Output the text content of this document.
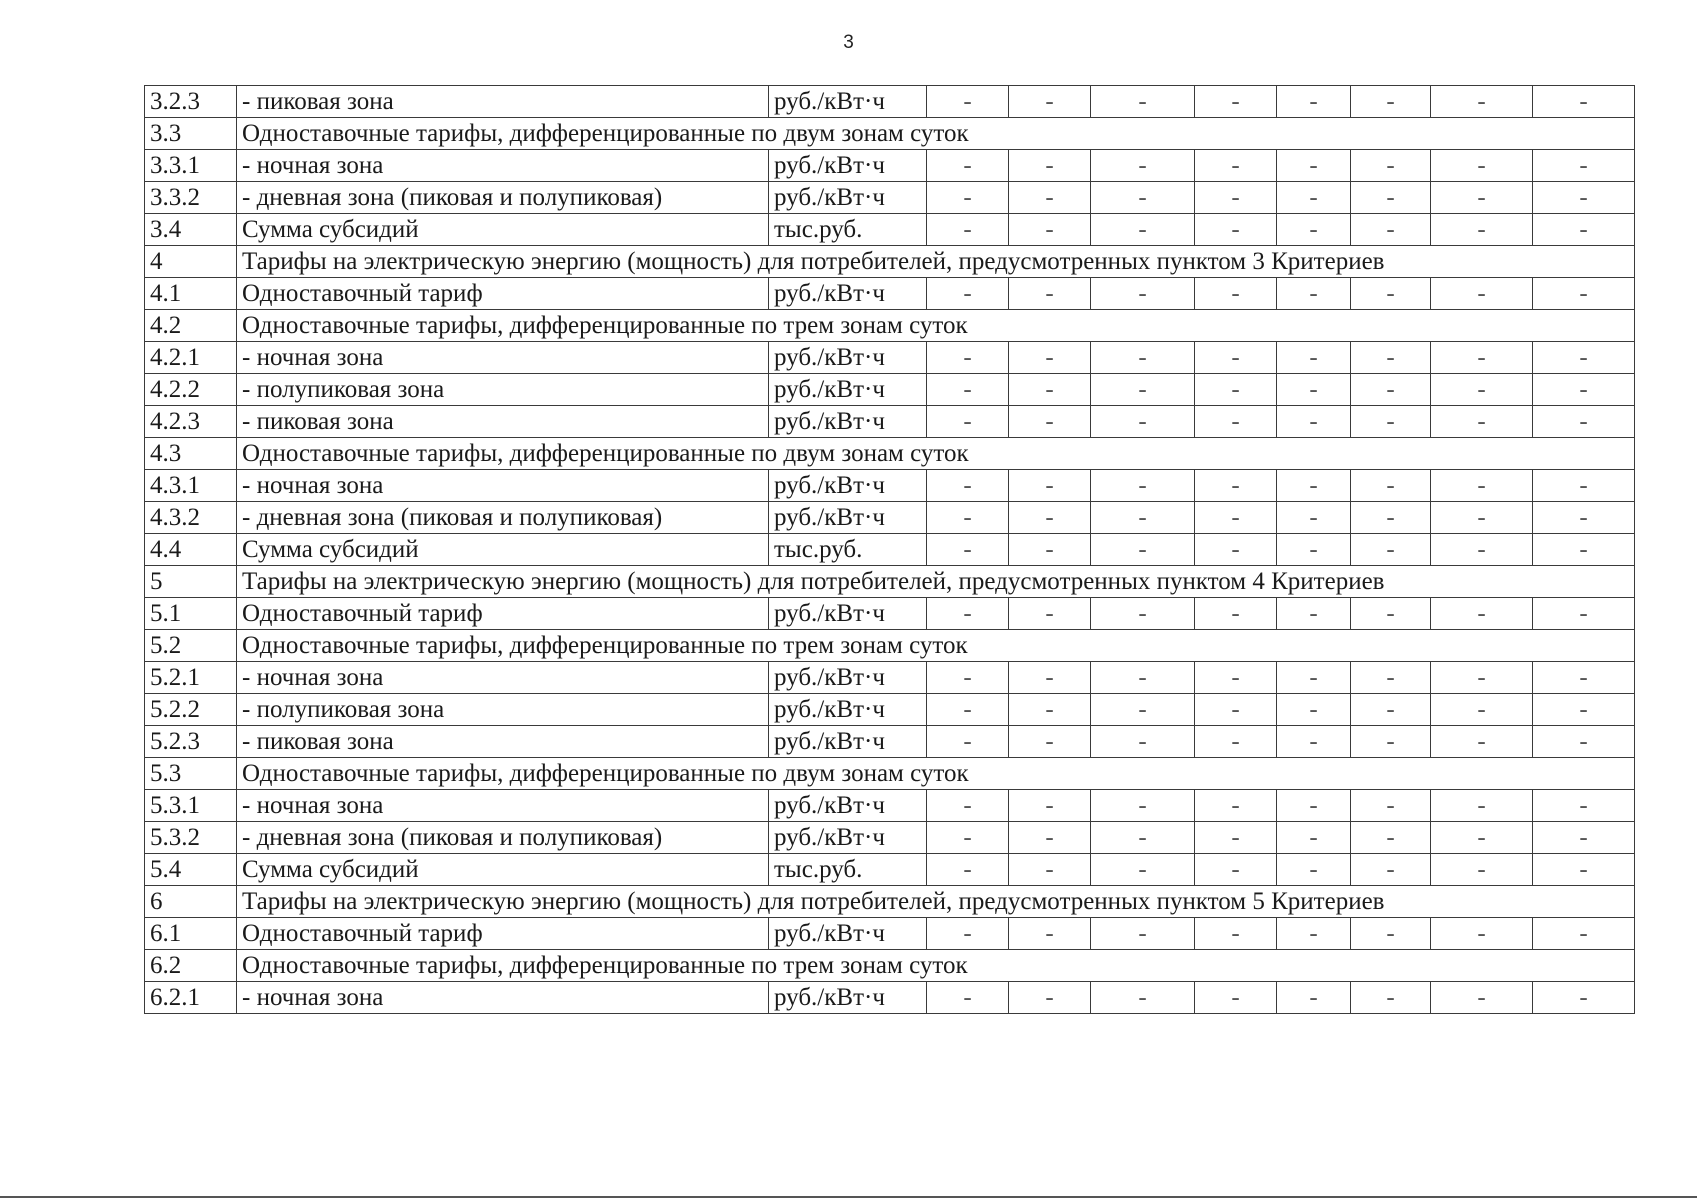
3
3.2.3	- пиковая зона	руб./кВт·ч	-	-	-	-	-	-	-	-
3.3	Одноставочные тарифы, дифференцированные по двум зонам суток									
3.3.1	- ночная зона	руб./кВт·ч	-	-	-	-	-	-	-	-
3.3.2	- дневная зона (пиковая и полупиковая)	руб./кВт·ч	-	-	-	-	-	-	-	-
3.4	Сумма субсидий	тыс.руб.	-	-	-	-	-	-	-	-
4	Тарифы на электрическую энергию (мощность) для потребителей, предусмотренных пунктом 3 Критериев									
4.1	Одноставочный тариф	руб./кВт·ч	-	-	-	-	-	-	-	-
4.2	Одноставочные тарифы, дифференцированные по трем зонам суток									
4.2.1	- ночная зона	руб./кВт·ч	-	-	-	-	-	-	-	-
4.2.2	- полупиковая зона	руб./кВт·ч	-	-	-	-	-	-	-	-
4.2.3	- пиковая зона	руб./кВт·ч	-	-	-	-	-	-	-	-
4.3	Одноставочные тарифы, дифференцированные по двум зонам суток									
4.3.1	- ночная зона	руб./кВт·ч	-	-	-	-	-	-	-	-
4.3.2	- дневная зона (пиковая и полупиковая)	руб./кВт·ч	-	-	-	-	-	-	-	-
4.4	Сумма субсидий	тыс.руб.	-	-	-	-	-	-	-	-
5	Тарифы на электрическую энергию (мощность) для потребителей, предусмотренных пунктом 4 Критериев									
5.1	Одноставочный тариф	руб./кВт·ч	-	-	-	-	-	-	-	-
5.2	Одноставочные тарифы, дифференцированные по трем зонам суток									
5.2.1	- ночная зона	руб./кВт·ч	-	-	-	-	-	-	-	-
5.2.2	- полупиковая зона	руб./кВт·ч	-	-	-	-	-	-	-	-
5.2.3	- пиковая зона	руб./кВт·ч	-	-	-	-	-	-	-	-
5.3	Одноставочные тарифы, дифференцированные по двум зонам суток									
5.3.1	- ночная зона	руб./кВт·ч	-	-	-	-	-	-	-	-
5.3.2	- дневная зона (пиковая и полупиковая)	руб./кВт·ч	-	-	-	-	-	-	-	-
5.4	Сумма субсидий	тыс.руб.	-	-	-	-	-	-	-	-
6	Тарифы на электрическую энергию (мощность) для потребителей, предусмотренных пунктом 5 Критериев									
6.1	Одноставочный тариф	руб./кВт·ч	-	-	-	-	-	-	-	-
6.2	Одноставочные тарифы, дифференцированные по трем зонам суток									
6.2.1	- ночная зона	руб./кВт·ч	-	-	-	-	-	-	-	-
